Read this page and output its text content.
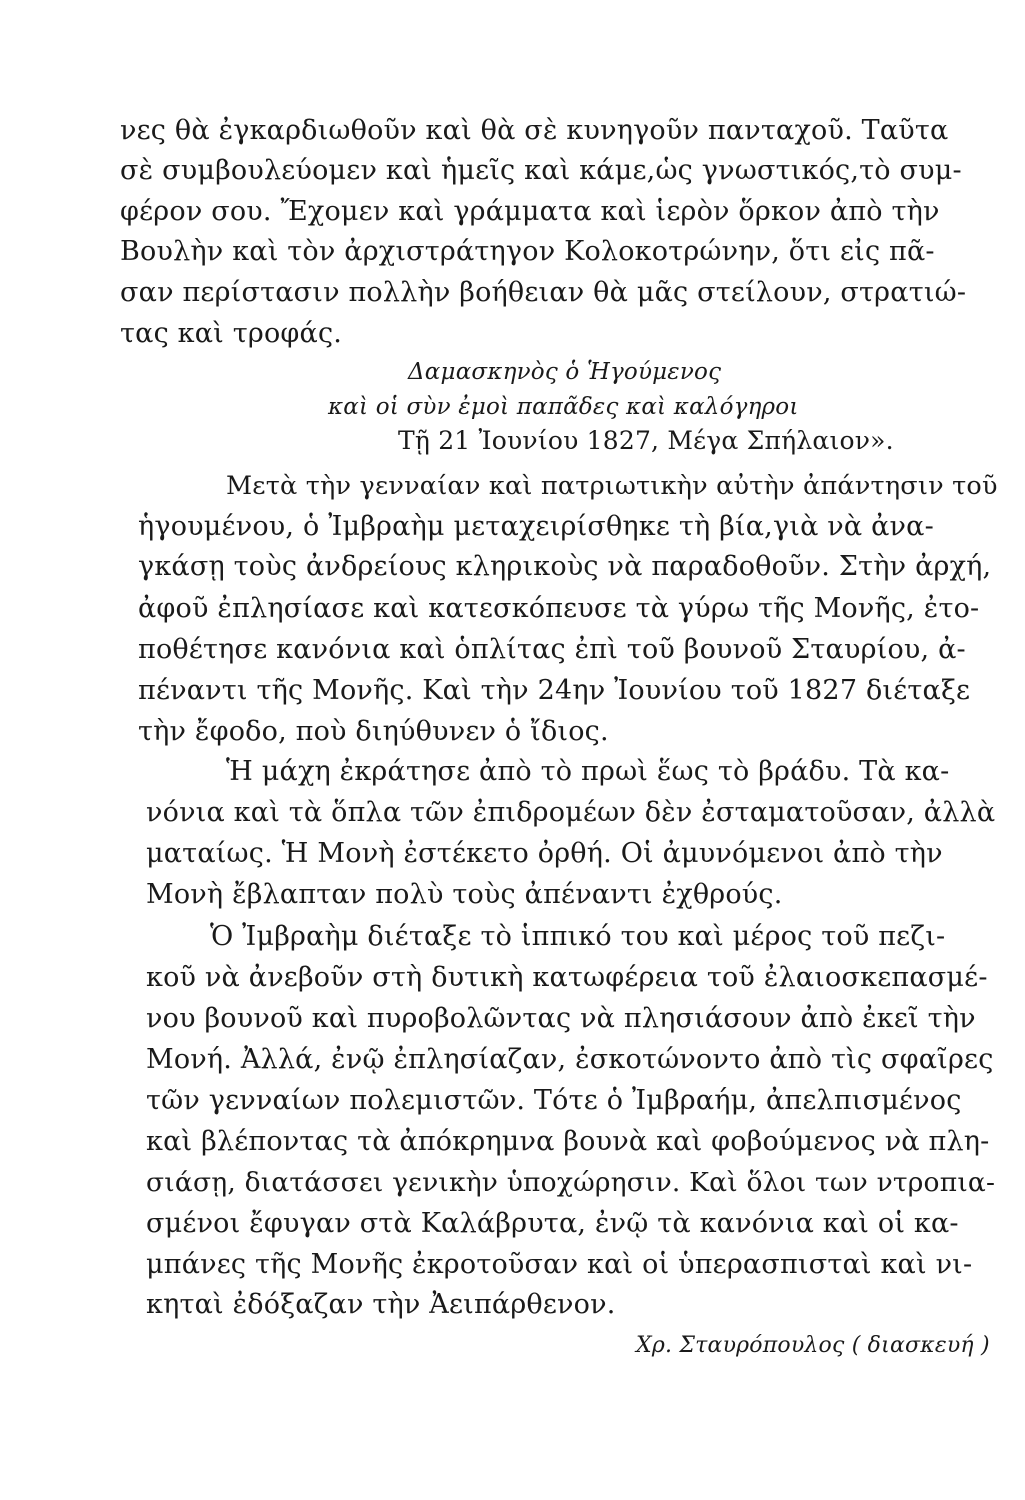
νες θὰ ἐγκαρδιωθοῦν καὶ θὰ σὲ κυνηγοῦν πανταχοῦ. Ταῦτα
σὲ συμβουλεύομεν καὶ ἡμεῖς καὶ κάμε,ὡς γνωστικός,τὸ συμ-
φέρον σου. Ἔχομεν καὶ γράμματα καὶ ἱερὸν ὅρκον ἀπὸ τὴν
Βουλὴν καὶ τὸν ἀρχιστράτηγον Κολοκοτρώνην, ὅτι εἰς πᾶ-
σαν περίστασιν πολλὴν βοήθειαν θὰ μᾶς στείλουν, στρατιώ-
τας καὶ τροφάς.
Δαμασκηνὸς ὁ Ἡγούμενος
καὶ οἱ σὺν ἐμοὶ παπᾶδες καὶ καλόγηροι
Τῇ 21 Ἰουνίου 1827, Μέγα Σπήλαιον».
Μετὰ τὴν γενναίαν καὶ πατριωτικὴν αὐτὴν ἀπάντησιν τοῦ
ἡγουμένου, ὁ Ἰμβραὴμ μεταχειρίσθηκε τὴ βία,γιὰ νὰ ἀνα-
γκάσῃ τοὺς ἀνδρείους κληρικοὺς νὰ παραδοθοῦν. Στὴν ἀρχή,
ἀφοῦ ἐπλησίασε καὶ κατεσκόπευσε τὰ γύρω τῆς Μονῆς, ἐτο-
ποθέτησε κανόνια καὶ ὁπλίτας ἐπὶ τοῦ βουνοῦ Σταυρίου, ἀ-
πέναντι τῆς Μονῆς. Καὶ τὴν 24ην Ἰουνίου τοῦ 1827 διέταξε
τὴν ἔφοδο, ποὺ διηύθυνεν ὁ ἴδιος.
Ἡ μάχη ἐκράτησε ἀπὸ τὸ πρωὶ ἕως τὸ βράδυ. Τὰ κα-
νόνια καὶ τὰ ὅπλα τῶν ἐπιδρομέων δὲν ἐσταματοῦσαν, ἀλλὰ
ματαίως. Ἡ Μονὴ ἐστέκετο ὀρθή. Οἱ ἀμυνόμενοι ἀπὸ τὴν
Μονὴ ἔβλαπταν πολὺ τοὺς ἀπέναντι ἐχθρούς.
Ὁ Ἰμβραὴμ διέταξε τὸ ἱππικό του καὶ μέρος τοῦ πεζι-
κοῦ νὰ ἀνεβοῦν στὴ δυτικὴ κατωφέρεια τοῦ ἐλαιοσκεπασμέ-
νου βουνοῦ καὶ πυροβολῶντας νὰ πλησιάσουν ἀπὸ ἐκεῖ τὴν
Μονή. Ἀλλά, ἐνῷ ἐπλησίαζαν, ἐσκοτώνοντο ἀπὸ τὶς σφαῖρες
τῶν γενναίων πολεμιστῶν. Τότε ὁ Ἰμβραήμ, ἀπελπισμένος
καὶ βλέποντας τὰ ἀπόκρημνα βουνὰ καὶ φοβούμενος νὰ πλη-
σιάσῃ, διατάσσει γενικὴν ὑποχώρησιν. Καὶ ὅλοι των ντροπια-
σμένοι ἔφυγαν στὰ Καλάβρυτα, ἐνῷ τὰ κανόνια καὶ οἱ κα-
μπάνες τῆς Μονῆς ἐκροτοῦσαν καὶ οἱ ὑπερασπισταὶ καὶ νι-
κηταὶ ἐδόξαζαν τὴν Ἀειπάρθενον.
Χρ. Σταυρόπουλος ( διασκευή )
